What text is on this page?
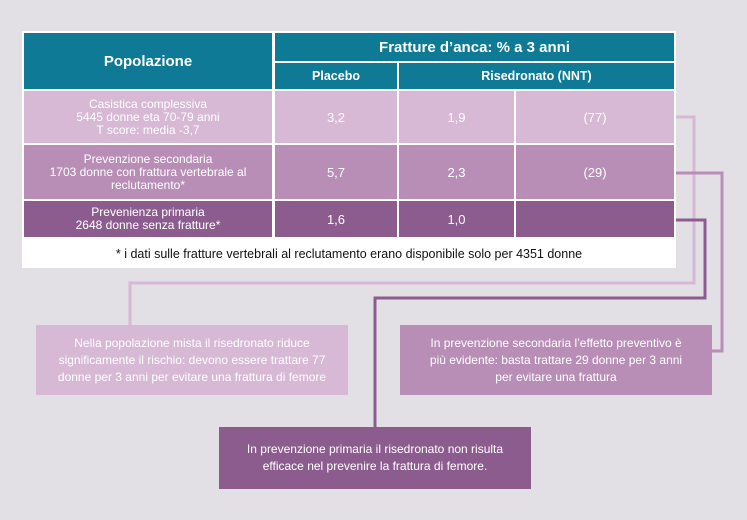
Popolazione
Fratture d’anca: % a 3 anni
Placebo	Risedronato (NNT)
Casistica complessiva
5445 donne eta 70-79 anni
T score: media -3,7
3,2	1,9	(77)
Prevenzione secondaria
1703 donne con frattura vertebrale al
reclutamento*
5,7	2,3	(29)
Prevenienza primaria
2648 donne senza fratture*	1,6	1,0
* i dati sulle fratture vertebrali al reclutamento erano disponibile solo per 4351 donne
Nella popolazione mista il risedronato riduce
significamente il rischio: devono essere trattare 77
donne per 3 anni per evitare una frattura di femore
In prevenzione secondaria l’effetto preventivo è
più evidente: basta trattare 29 donne per 3 anni
per evitare una frattura
In prevenzione primaria il risedronato non risulta
efficace nel prevenire la frattura di femore.
